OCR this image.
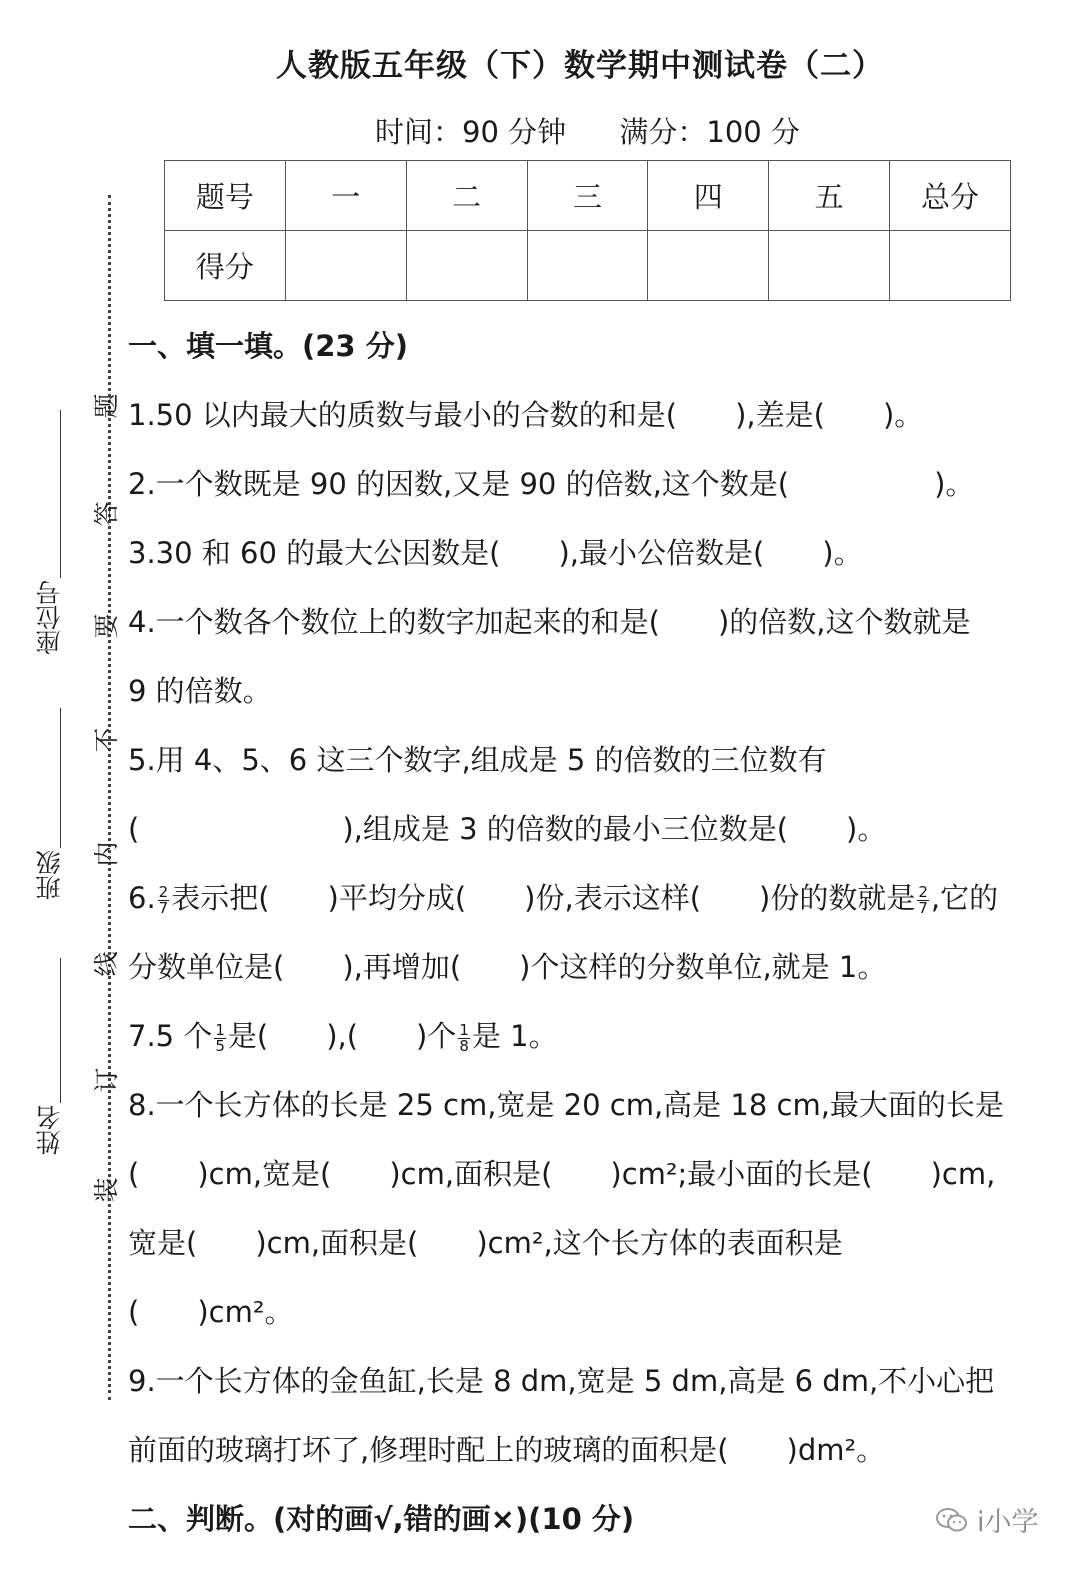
人教版五年级（下）数学期中测试卷（二）
时间：90 分钟 满分：100 分
题号	一	二	三	四	五	总分
得分						
题
答
要
不
内
线
订
装
座位号
班级
姓名
一、填一填。(23 分)
1.50 以内最大的质数与最小的合数的和是(　　),差是(　　)。
2.一个数既是 90 的因数,又是 90 的倍数,这个数是(　　　　　)。
3.30 和 60 的最大公因数是(　　),最小公倍数是(　　)。
4.一个数各个数位上的数字加起来的和是(　　)的倍数,这个数就是
9 的倍数。
5.用 4、5、6 这三个数字,组成是 5 的倍数的三位数有
(　　　　　　　),组成是 3 的倍数的最小三位数是(　　)。
6. $\frac{2}{7}$ 表示把(　　)平均分成(　　)份,表示这样(　　)份的数就是 $\frac{2}{7}$ ,它的
分数单位是(　　),再增加(　　)个这样的分数单位,就是 1。
7.5 个 $\frac{1}{5}$ 是(　　),(　　)个 $\frac{1}{8}$ 是 1。
8.一个长方体的长是 25 cm,宽是 20 cm,高是 18 cm,最大面的长是
(　　)cm,宽是(　　)cm,面积是(　　)cm²;最小面的长是(　　)cm,
宽是(　　)cm,面积是(　　)cm²,这个长方体的表面积是
(　　)cm²。
9.一个长方体的金鱼缸,长是 8 dm,宽是 5 dm,高是 6 dm,不小心把
前面的玻璃打坏了,修理时配上的玻璃的面积是(　　)dm²。
二、判断。(对的画√,错的画×)(10 分)	i小学
